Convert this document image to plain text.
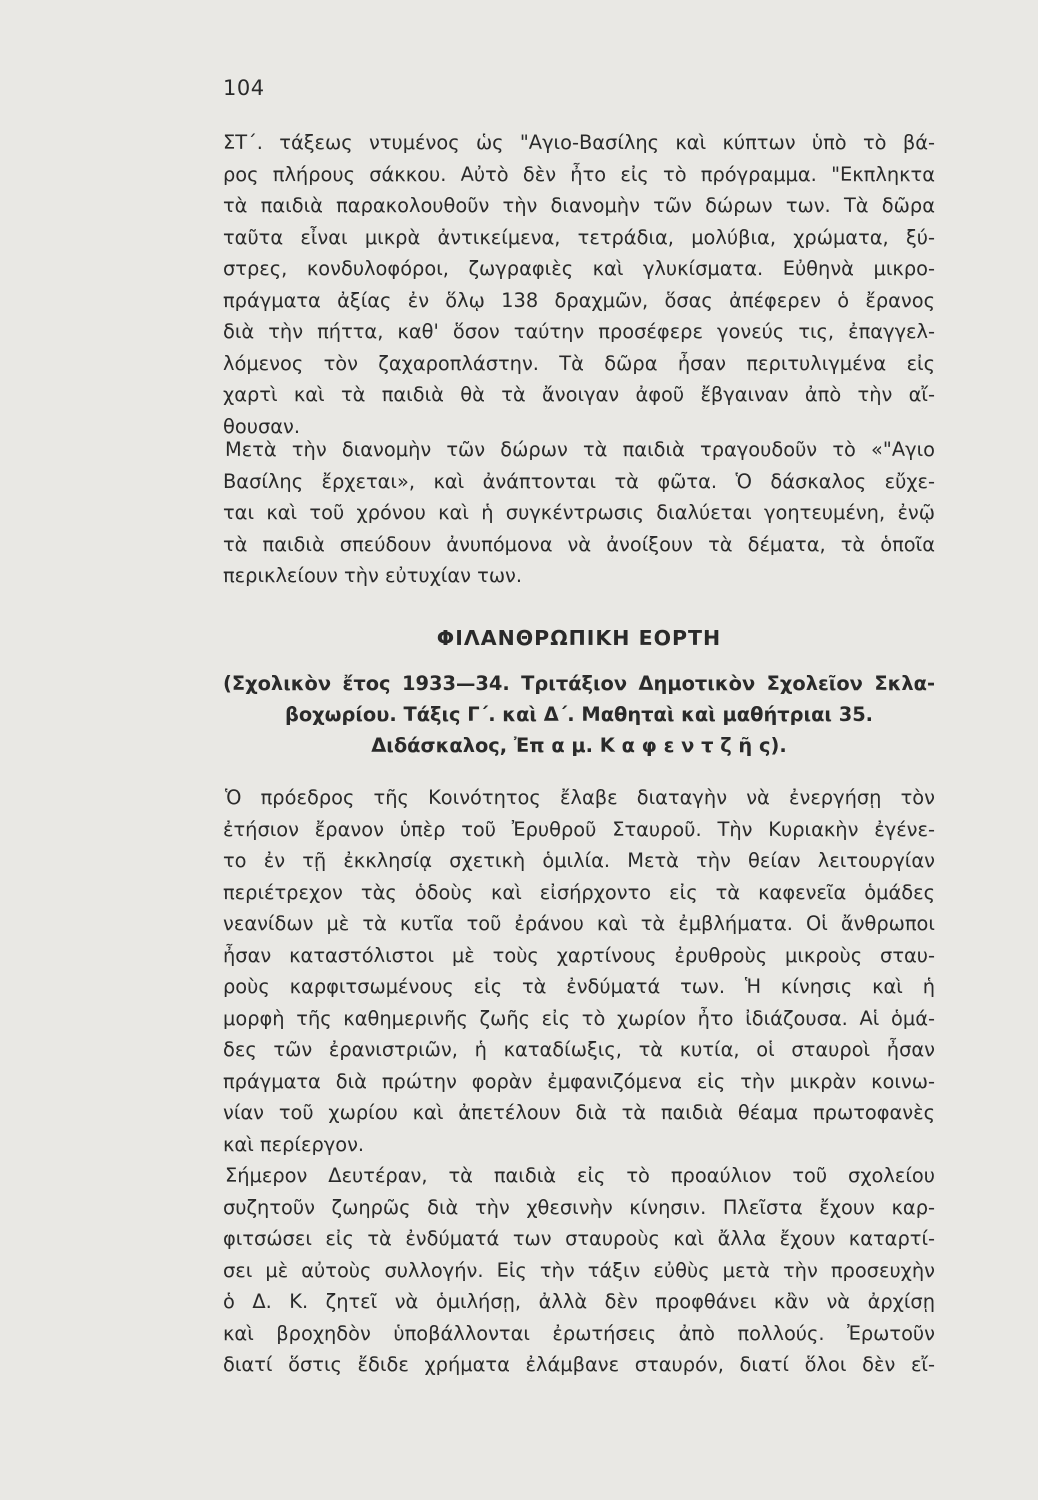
104
ΣΤ΄. τάξεως ντυμένος ὡς "Αγιο-Βασίλης καὶ κύπτων ὑπὸ τὸ βά-
ρος πλήρους σάκκου. Αὐτὸ δὲν ἦτο εἰς τὸ πρόγραμμα. "Εκπληκτα
τὰ παιδιὰ παρακολουθοῦν τὴν διανομὴν τῶν δώρων των. Τὰ δῶρα
ταῦτα εἶναι μικρὰ ἀντικείμενα, τετράδια, μολύβια, χρώματα, ξύ-
στρες, κονδυλοφόροι, ζωγραφιὲς καὶ γλυκίσματα. Εὐθηνὰ μικρο-
πράγματα ἀξίας ἐν ὅλῳ 138 δραχμῶν, ὅσας ἀπέφερεν ὁ ἔρανος
διὰ τὴν πήττα, καθ' ὅσον ταύτην προσέφερε γονεύς τις, ἐπαγγελ-
λόμενος τὸν ζαχαροπλάστην. Τὰ δῶρα ἦσαν περιτυλιγμένα εἰς
χαρτὶ καὶ τὰ παιδιὰ θὰ τὰ ἄνοιγαν ἀφοῦ ἔβγαιναν ἀπὸ τὴν αἴ-
θουσαν.
Μετὰ τὴν διανομὴν τῶν δώρων τὰ παιδιὰ τραγουδοῦν τὸ «"Αγιο
Βασίλης ἔρχεται», καὶ ἀνάπτονται τὰ φῶτα. Ὁ δάσκαλος εὔχε-
ται καὶ τοῦ χρόνου καὶ ἡ συγκέντρωσις διαλύεται γοητευμένη, ἐνῷ
τὰ παιδιὰ σπεύδουν ἀνυπόμονα νὰ ἀνοίξουν τὰ δέματα, τὰ ὁποῖα
περικλείουν τὴν εὐτυχίαν των.
ΦΙΛΑΝΘΡΩΠΙΚΗ ΕΟΡΤΗ
(Σχολικὸν ἔτος 1933—34. Τριτάξιον Δημοτικὸν Σχολεῖον Σκλα-
βοχωρίου. Τάξις Γ΄. καὶ Δ΄. Μαθηταὶ καὶ μαθήτριαι 35.
Διδάσκαλος, Ἐπ α μ. Κ α φ ε ν τ ζ ῆ ς).
Ὁ πρόεδρος τῆς Κοινότητος ἔλαβε διαταγὴν νὰ ἐνεργήσῃ τὸν
ἐτήσιον ἔρανον ὑπὲρ τοῦ Ἐρυθροῦ Σταυροῦ. Τὴν Κυριακὴν ἐγένε-
το ἐν τῇ ἐκκλησίᾳ σχετικὴ ὁμιλία. Μετὰ τὴν θείαν λειτουργίαν
περιέτρεχον τὰς ὁδοὺς καὶ εἰσήρχοντο εἰς τὰ καφενεῖα ὁμάδες
νεανίδων μὲ τὰ κυτῖα τοῦ ἐράνου καὶ τὰ ἐμβλήματα. Οἱ ἄνθρωποι
ἦσαν καταστόλιστοι μὲ τοὺς χαρτίνους ἐρυθροὺς μικροὺς σταυ-
ροὺς καρφιτσωμένους εἰς τὰ ἐνδύματά των. Ἡ κίνησις καὶ ἡ
μορφὴ τῆς καθημερινῆς ζωῆς εἰς τὸ χωρίον ἦτο ἰδιάζουσα. Αἱ ὁμά-
δες τῶν ἐρανιστριῶν, ἡ καταδίωξις, τὰ κυτία, οἱ σταυροὶ ἦσαν
πράγματα διὰ πρώτην φορὰν ἐμφανιζόμενα εἰς τὴν μικρὰν κοινω-
νίαν τοῦ χωρίου καὶ ἀπετέλουν διὰ τὰ παιδιὰ θέαμα πρωτοφανὲς
καὶ περίεργον.
Σήμερον Δευτέραν, τὰ παιδιὰ εἰς τὸ προαύλιον τοῦ σχολείου
συζητοῦν ζωηρῶς διὰ τὴν χθεσινὴν κίνησιν. Πλεῖστα ἔχουν καρ-
φιτσώσει εἰς τὰ ἐνδύματά των σταυροὺς καὶ ἄλλα ἔχουν καταρτί-
σει μὲ αὐτοὺς συλλογήν. Εἰς τὴν τάξιν εὐθὺς μετὰ τὴν προσευχὴν
ὁ Δ. Κ. ζητεῖ νὰ ὁμιλήσῃ, ἀλλὰ δὲν προφθάνει κἂν νὰ ἀρχίσῃ
καὶ βροχηδὸν ὑποβάλλονται ἐρωτήσεις ἀπὸ πολλούς. Ἐρωτοῦν
διατί ὅστις ἔδιδε χρήματα ἐλάμβανε σταυρόν, διατί ὅλοι δὲν εἴ-
